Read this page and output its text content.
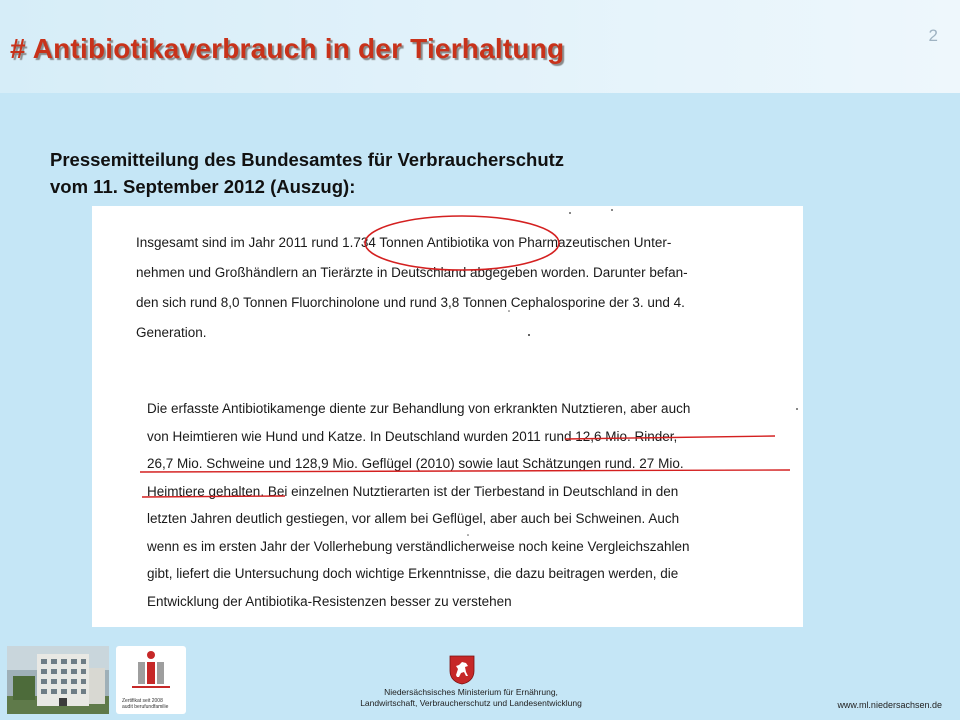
# Antibiotikaverbrauch in der Tierhaltung	2
Pressemitteilung des Bundesamtes für Verbraucherschutz
vom 11. September 2012 (Auszug):

Insgesamt sind im Jahr 2011 rund 1.734 Tonnen Antibiotika von Pharmazeutischen Unter-
nehmen und Großhändlern an Tierärzte in Deutschland abgegeben worden. Darunter befan-
den sich rund 8,0 Tonnen Fluorchinolone und rund 3,8 Tonnen Cephalosporine der 3. und 4.
Generation.

Die erfasste Antibiotikamenge diente zur Behandlung von erkrankten Nutztieren, aber auch
von Heimtieren wie Hund und Katze. In Deutschland wurden 2011 rund 12,6 Mio. Rinder,
26,7 Mio. Schweine und 128,9 Mio. Geflügel (2010) sowie laut Schätzungen rund. 27 Mio.
Heimtiere gehalten. Bei einzelnen Nutztierarten ist der Tierbestand in Deutschland in den
letzten Jahren deutlich gestiegen, vor allem bei Geflügel, aber auch bei Schweinen. Auch
wenn es im ersten Jahr der Vollerhebung verständlicherweise noch keine Vergleichszahlen
gibt, liefert die Untersuchung doch wichtige Erkenntnisse, die dazu beitragen werden, die
Entwicklung der Antibiotika-Resistenzen besser zu verstehen

Zertifikat seit 2008
audit berufundfamilie
Niedersächsisches Ministerium für Ernährung,
Landwirtschaft, Verbraucherschutz und Landesentwicklung	www.ml.niedersachsen.de
